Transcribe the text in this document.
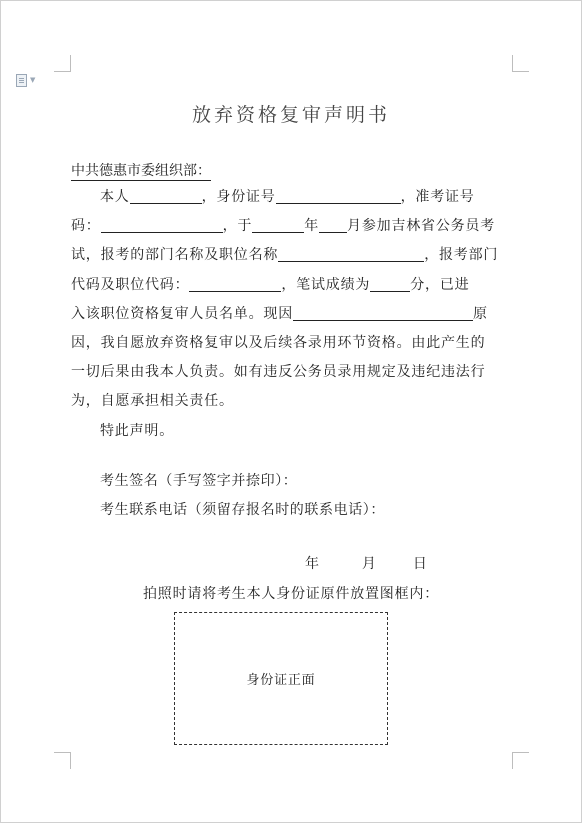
▼
放弃资格复审声明书
中共德惠市委组织部：
本人	，身份证号	，准考证号
码：	，于	年 月参加吉林省公务员考
试，报考的部门名称及职位名称	，报考部门
代码及职位代码：	，笔试成绩为	分，已进
入该职位资格复审人员名单。现因	原
因，我自愿放弃资格复审以及后续各录用环节资格。由此产生的
一切后果由我本人负责。如有违反公务员录用规定及违纪违法行
为，自愿承担相关责任。
特此声明。
考生签名（手写签字并捺印）：
考生联系电话（须留存报名时的联系电话）：
年	月	日
拍照时请将考生本人身份证原件放置图框内：
身份证正面
